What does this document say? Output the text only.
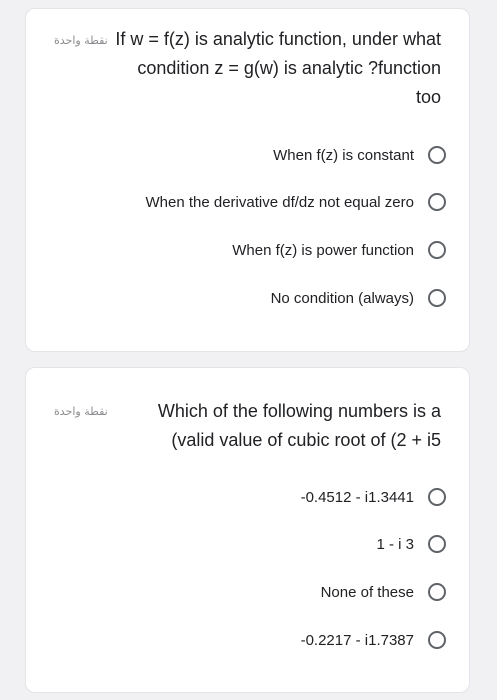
نقطة واحدة If w = f(z) is analytic function, under what condition z = g(w) is analytic ?function too
When f(z) is constant
When the derivative df/dz not equal zero
When f(z) is power function
No condition (always)
نقطة واحدة	Which of the following numbers is a (valid value of cubic root of (2 + i5
-0.4512 - i1.3441
1 - i 3
None of these
-0.2217 - i1.7387
